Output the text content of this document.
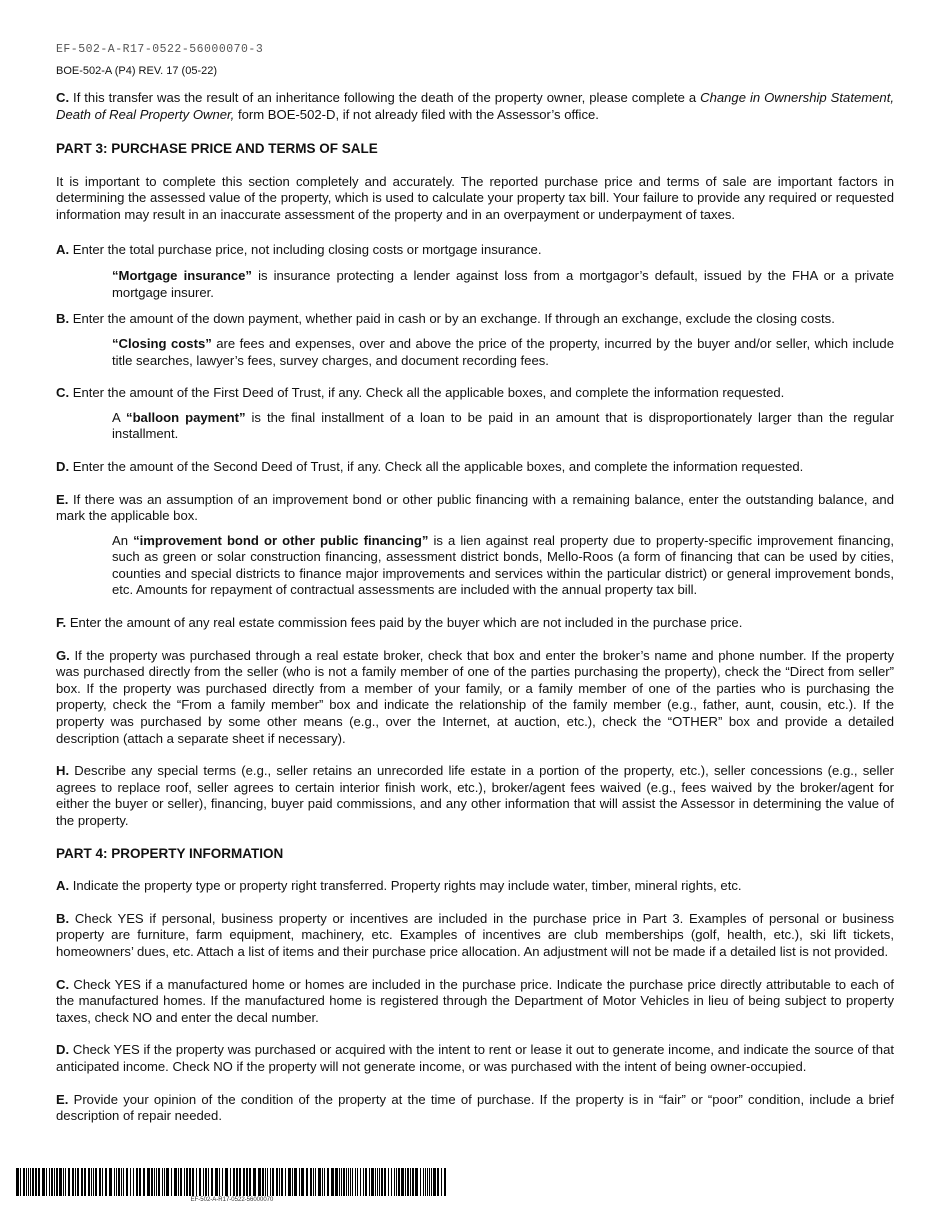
EF-502-A-R17-0522-56000070-3
BOE-502-A (P4) REV. 17 (05-22)

C. If this transfer was the result of an inheritance following the death of the property owner, please complete a Change in Ownership Statement, Death of Real Property Owner, form BOE-502-D, if not already filed with the Assessor’s office.

PART 3: PURCHASE PRICE AND TERMS OF SALE

It is important to complete this section completely and accurately. The reported purchase price and terms of sale are important factors in determining the assessed value of the property, which is used to calculate your property tax bill. Your failure to provide any required or requested information may result in an inaccurate assessment of the property and in an overpayment or underpayment of taxes.

A. Enter the total purchase price, not including closing costs or mortgage insurance.

“Mortgage insurance” is insurance protecting a lender against loss from a mortgagor’s default, issued by the FHA or a private mortgage insurer.

B. Enter the amount of the down payment, whether paid in cash or by an exchange. If through an exchange, exclude the closing costs.

“Closing costs” are fees and expenses, over and above the price of the property, incurred by the buyer and/or seller, which include title searches, lawyer’s fees, survey charges, and document recording fees.

C. Enter the amount of the First Deed of Trust, if any. Check all the applicable boxes, and complete the information requested.

A “balloon payment” is the final installment of a loan to be paid in an amount that is disproportionately larger than the regular installment.

D. Enter the amount of the Second Deed of Trust, if any. Check all the applicable boxes, and complete the information requested.

E. If there was an assumption of an improvement bond or other public financing with a remaining balance, enter the outstanding balance, and mark the applicable box.

An “improvement bond or other public financing” is a lien against real property due to property-specific improvement financing, such as green or solar construction financing, assessment district bonds, Mello-Roos (a form of financing that can be used by cities, counties and special districts to finance major improvements and services within the particular district) or general improvement bonds, etc. Amounts for repayment of contractual assessments are included with the annual property tax bill.

F. Enter the amount of any real estate commission fees paid by the buyer which are not included in the purchase price.

G. If the property was purchased through a real estate broker, check that box and enter the broker’s name and phone number. If the property was purchased directly from the seller (who is not a family member of one of the parties purchasing the property), check the “Direct from seller” box. If the property was purchased directly from a member of your family, or a family member of one of the parties who is purchasing the property, check the “From a family member” box and indicate the relationship of the family member (e.g., father, aunt, cousin, etc.). If the property was purchased by some other means (e.g., over the Internet, at auction, etc.), check the “OTHER” box and provide a detailed description (attach a separate sheet if necessary).

H. Describe any special terms (e.g., seller retains an unrecorded life estate in a portion of the property, etc.), seller concessions (e.g., seller agrees to replace roof, seller agrees to certain interior finish work, etc.), broker/agent fees waived (e.g., fees waived by the broker/agent for either the buyer or seller), financing, buyer paid commissions, and any other information that will assist the Assessor in determining the value of the property.

PART 4: PROPERTY INFORMATION

A. Indicate the property type or property right transferred. Property rights may include water, timber, mineral rights, etc.

B. Check YES if personal, business property or incentives are included in the purchase price in Part 3. Examples of personal or business property are furniture, farm equipment, machinery, etc. Examples of incentives are club memberships (golf, health, etc.), ski lift tickets, homeowners’ dues, etc. Attach a list of items and their purchase price allocation. An adjustment will not be made if a detailed list is not provided.

C. Check YES if a manufactured home or homes are included in the purchase price. Indicate the purchase price directly attributable to each of the manufactured homes. If the manufactured home is registered through the Department of Motor Vehicles in lieu of being subject to property taxes, check NO and enter the decal number.

D. Check YES if the property was purchased or acquired with the intent to rent or lease it out to generate income, and indicate the source of that anticipated income. Check NO if the property will not generate income, or was purchased with the intent of being owner-occupied.

E. Provide your opinion of the condition of the property at the time of purchase. If the property is in “fair” or “poor” condition, include a brief description of repair needed.

EF-502-A-R17-0522-56000070
